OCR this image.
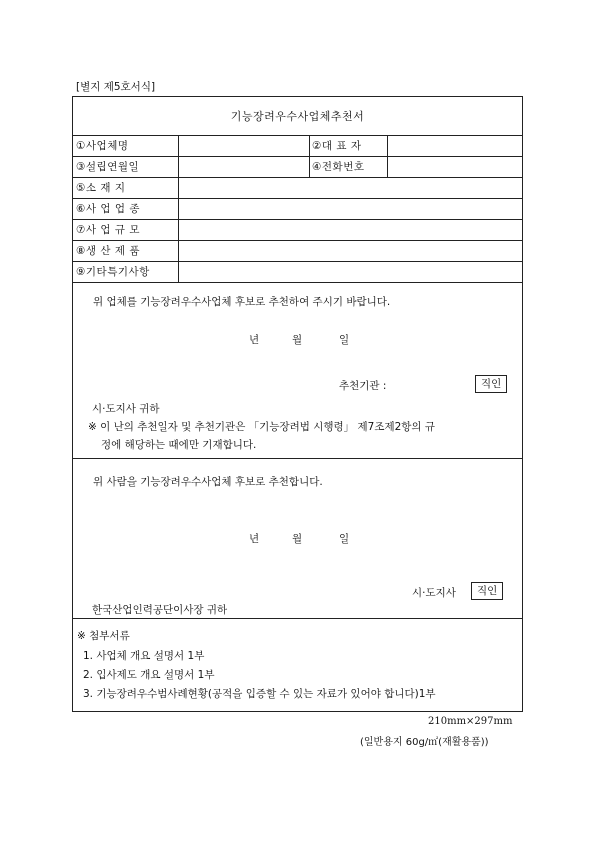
[별지 제5호서식]
기능장려우수사업체추천서
①사업체명	②대 표 자
③설립연월일	④전화번호
⑤소 재 지
⑥사 업 업 종
⑦사 업 규 모
⑧생 산 제 품
⑨기타특기사항
위 업체를 기능장려우수사업체 후보로 추천하여 주시기 바랍니다.
년	월	일
추천기관 :	직인
시·도지사 귀하
※ 이 난의 추천일자 및 추천기관은 「기능장려법 시행령」 제7조제2항의 규
정에 해당하는 때에만 기재합니다.
위 사람을 기능장려우수사업체 후보로 추천합니다.
년	월	일
시·도지사	직인
한국산업인력공단이사장 귀하
※ 첨부서류
1. 사업체 개요 설명서 1부
2. 입사제도 개요 설명서 1부
3. 기능장려우수범사례현황(공적을 입증할 수 있는 자료가 있어야 합니다)1부
210mm×297mm
(일반용지 60g/㎡(재활용품))
